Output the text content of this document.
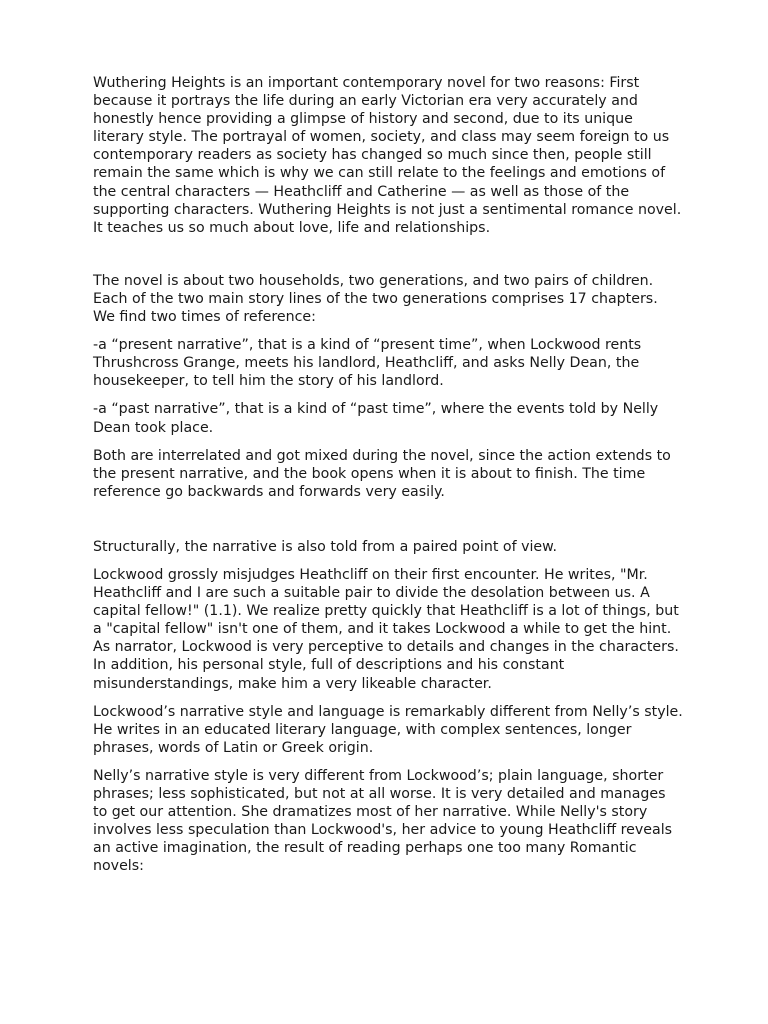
Wuthering Heights is an important contemporary novel for two reasons: First because it portrays the life during an early Victorian era very accurately and honestly hence providing a glimpse of history and second, due to its unique literary style. The portrayal of women, society, and class may seem foreign to us contemporary readers as society has changed so much since then, people still remain the same which is why we can still relate to the feelings and emotions of the central characters — Heathcliff and Catherine — as well as those of the supporting characters. Wuthering Heights is not just a sentimental romance novel. It teaches us so much about love, life and relationships.

The novel is about two households, two generations, and two pairs of children. Each of the two main story lines of the two generations comprises 17 chapters. We find two times of reference:

-a “present narrative”, that is a kind of “present time”, when Lockwood rents Thrushcross Grange, meets his landlord, Heathcliff, and asks Nelly Dean, the housekeeper, to tell him the story of his landlord.

-a “past narrative”, that is a kind of “past time”, where the events told by Nelly Dean took place.

Both are interrelated and got mixed during the novel, since the action extends to the present narrative, and the book opens when it is about to finish. The time reference go backwards and forwards very easily.

Structurally, the narrative is also told from a paired point of view.

Lockwood grossly misjudges Heathcliff on their first encounter. He writes, "Mr. Heathcliff and I are such a suitable pair to divide the desolation between us. A capital fellow!" (1.1). We realize pretty quickly that Heathcliff is a lot of things, but a "capital fellow" isn't one of them, and it takes Lockwood a while to get the hint. As narrator, Lockwood is very perceptive to details and changes in the characters. In addition, his personal style, full of descriptions and his constant misunderstandings, make him a very likeable character.

Lockwood’s narrative style and language is remarkably different from Nelly’s style. He writes in an educated literary language, with complex sentences, longer phrases, words of Latin or Greek origin.

Nelly’s narrative style is very different from Lockwood’s; plain language, shorter phrases; less sophisticated, but not at all worse. It is very detailed and manages to get our attention. She dramatizes most of her narrative. While Nelly's story involves less speculation than Lockwood's, her advice to young Heathcliff reveals an active imagination, the result of reading perhaps one too many Romantic novels:
